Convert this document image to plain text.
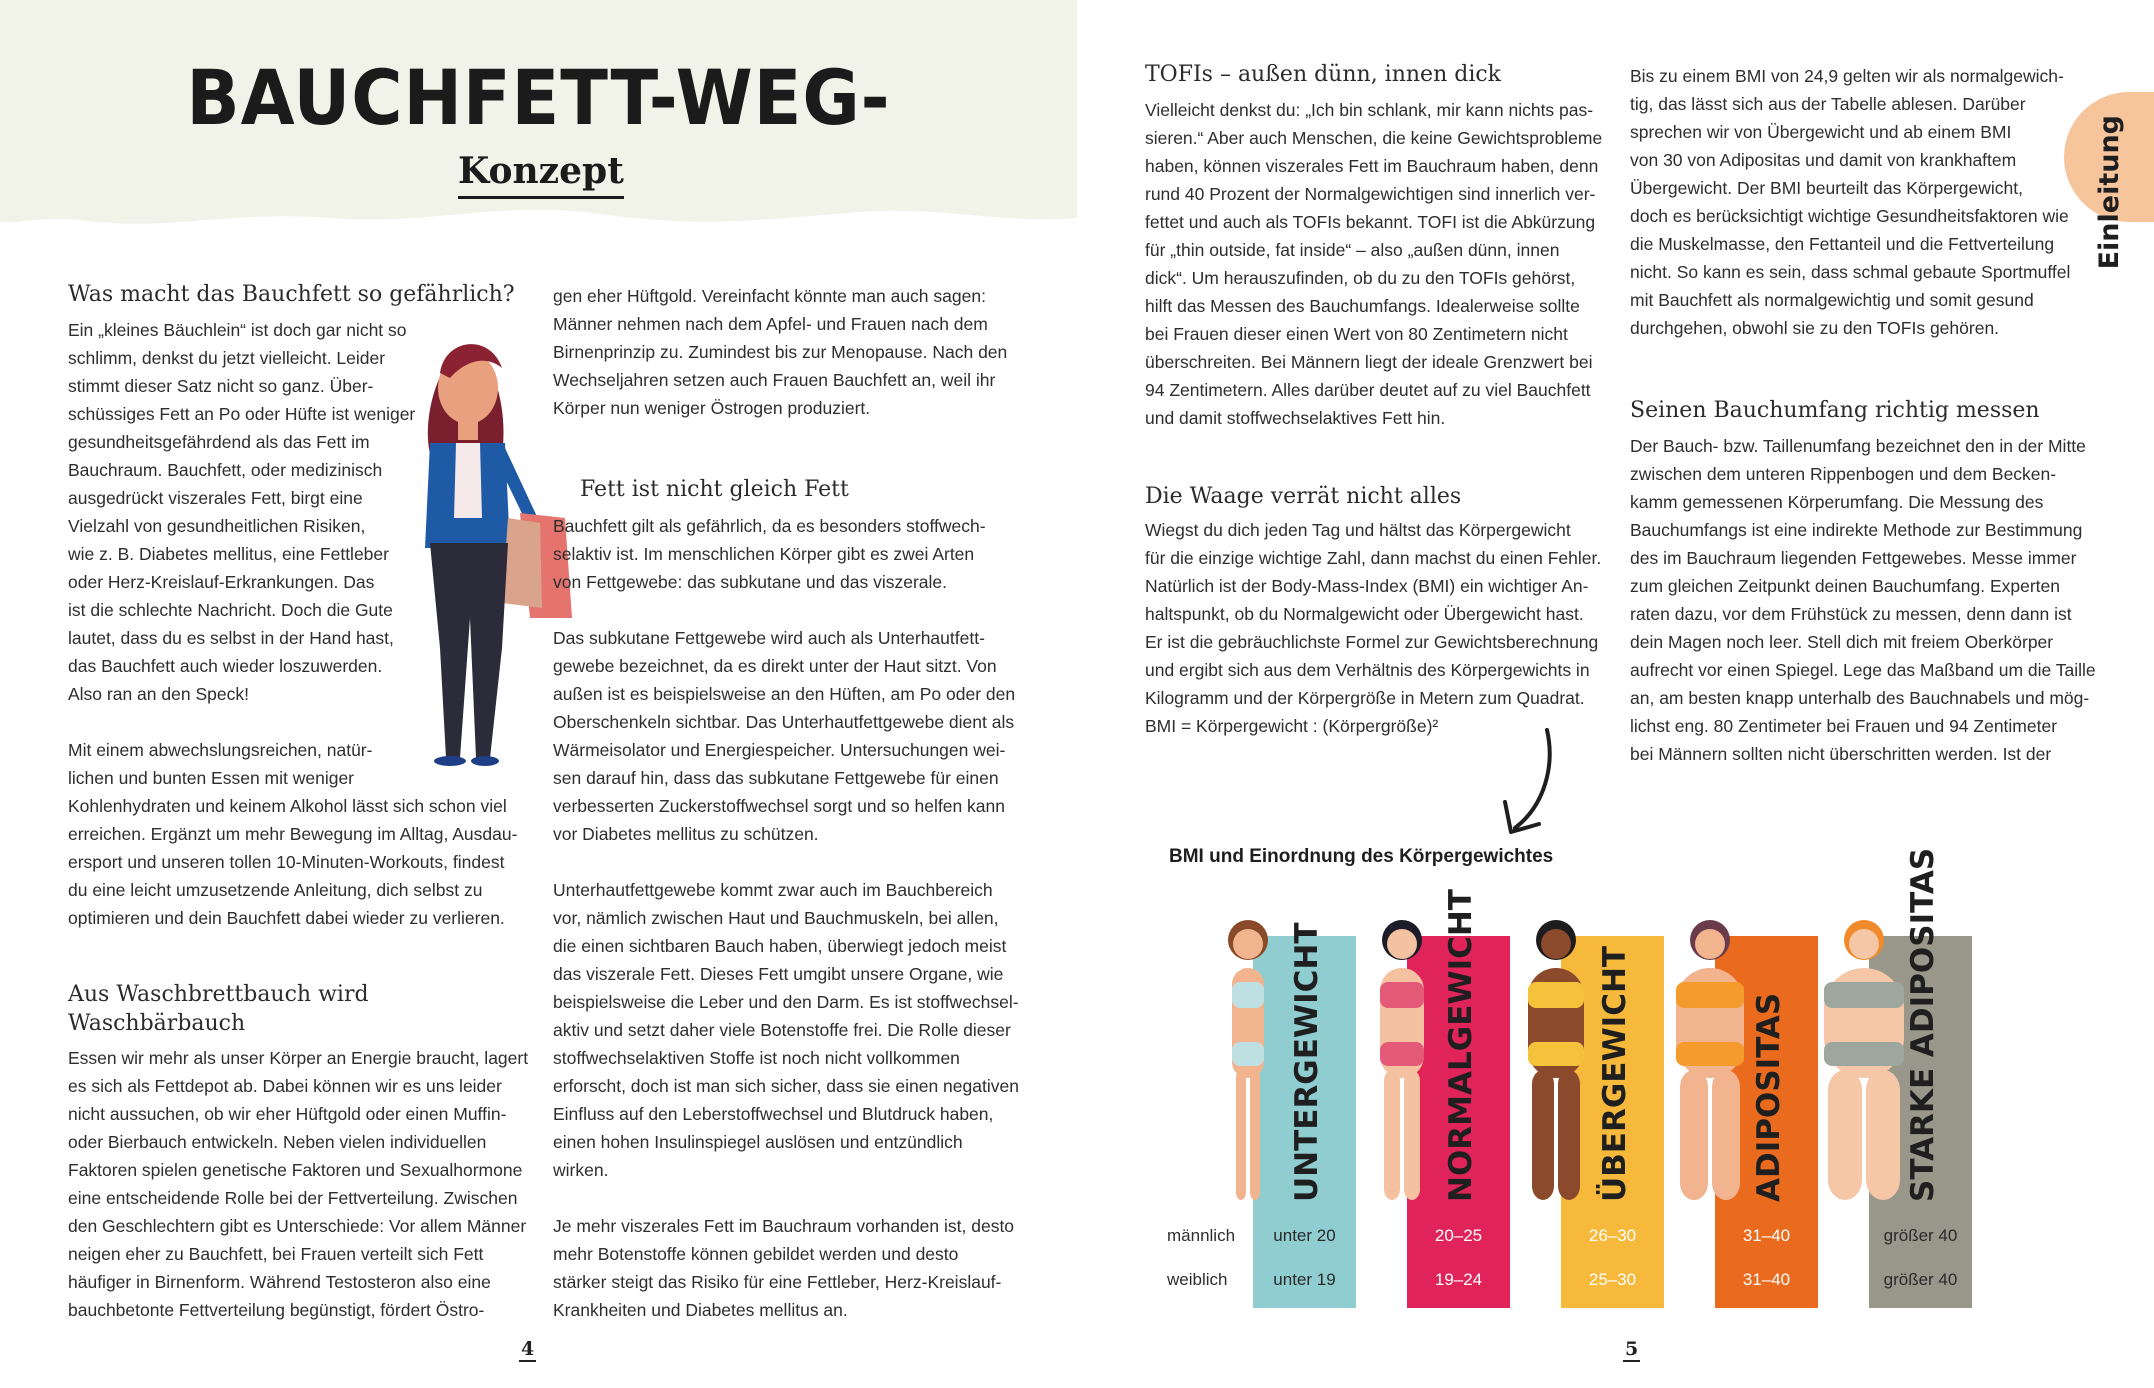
BAUCHFETT-WEG-
Konzept
Was macht das Bauchfett so gefährlich?
Ein „kleines Bäuchlein“ ist doch gar nicht so
schlimm, denkst du jetzt vielleicht. Leider
stimmt dieser Satz nicht so ganz. Über-
schüssiges Fett an Po oder Hüfte ist weniger
gesundheitsgefährdend als das Fett im
Bauchraum. Bauchfett, oder medizinisch
ausgedrückt viszerales Fett, birgt eine
Vielzahl von gesundheitlichen Risiken,
wie z. B. Diabetes mellitus, eine Fettleber
oder Herz-Kreislauf-Erkrankungen. Das
ist die schlechte Nachricht. Doch die Gute
lautet, dass du es selbst in der Hand hast,
das Bauchfett auch wieder loszuwerden.
Also ran an den Speck!
Mit einem abwechslungsreichen, natür-
lichen und bunten Essen mit weniger
Kohlenhydraten und keinem Alkohol lässt sich schon viel
erreichen. Ergänzt um mehr Bewegung im Alltag, Ausdau-
ersport und unseren tollen 10-Minuten-Workouts, findest
du eine leicht umzusetzende Anleitung, dich selbst zu
optimieren und dein Bauchfett dabei wieder zu verlieren.
Aus Waschbrettbauch wird Waschbärbauch
Essen wir mehr als unser Körper an Energie braucht, lagert
es sich als Fettdepot ab. Dabei können wir es uns leider
nicht aussuchen, ob wir eher Hüftgold oder einen Muffin-
oder Bierbauch entwickeln. Neben vielen individuellen
Faktoren spielen genetische Faktoren und Sexualhormone
eine entscheidende Rolle bei der Fettverteilung. Zwischen
den Geschlechtern gibt es Unterschiede: Vor allem Männer
neigen eher zu Bauchfett, bei Frauen verteilt sich Fett
häufiger in Birnenform. Während Testosteron also eine
bauchbetonte Fettverteilung begünstigt, fördert Östro-
gen eher Hüftgold. Vereinfacht könnte man auch sagen:
Männer nehmen nach dem Apfel- und Frauen nach dem
Birnenprinzip zu. Zumindest bis zur Menopause. Nach den
Wechseljahren setzen auch Frauen Bauchfett an, weil ihr
Körper nun weniger Östrogen produziert.
Fett ist nicht gleich Fett
Bauchfett gilt als gefährlich, da es besonders stoffwech-
selaktiv ist. Im menschlichen Körper gibt es zwei Arten
von Fettgewebe: das subkutane und das viszerale.
Das subkutane Fettgewebe wird auch als Unterhautfett-
gewebe bezeichnet, da es direkt unter der Haut sitzt. Von
außen ist es beispielsweise an den Hüften, am Po oder den
Oberschenkeln sichtbar. Das Unterhautfettgewebe dient als
Wärmeisolator und Energiespeicher. Untersuchungen wei-
sen darauf hin, dass das subkutane Fettgewebe für einen
verbesserten Zuckerstoffwechsel sorgt und so helfen kann
vor Diabetes mellitus zu schützen.
Unterhautfettgewebe kommt zwar auch im Bauchbereich
vor, nämlich zwischen Haut und Bauchmuskeln, bei allen,
die einen sichtbaren Bauch haben, überwiegt jedoch meist
das viszerale Fett. Dieses Fett umgibt unsere Organe, wie
beispielsweise die Leber und den Darm. Es ist stoffwechsel-
aktiv und setzt daher viele Botenstoffe frei. Die Rolle dieser
stoffwechselaktiven Stoffe ist noch nicht vollkommen
erforscht, doch ist man sich sicher, dass sie einen negativen
Einfluss auf den Leberstoffwechsel und Blutdruck haben,
einen hohen Insulinspiegel auslösen und entzündlich
wirken.
Je mehr viszerales Fett im Bauchraum vorhanden ist, desto
mehr Botenstoffe können gebildet werden und desto
stärker steigt das Risiko für eine Fettleber, Herz-Kreislauf-
Krankheiten und Diabetes mellitus an.
4
Einleitung
TOFIs – außen dünn, innen dick
Vielleicht denkst du: „Ich bin schlank, mir kann nichts pas-
sieren.“ Aber auch Menschen, die keine Gewichtsprobleme
haben, können viszerales Fett im Bauchraum haben, denn
rund 40 Prozent der Normalgewichtigen sind innerlich ver-
fettet und auch als TOFIs bekannt. TOFI ist die Abkürzung
für „thin outside, fat inside“ – also „außen dünn, innen
dick“. Um herauszufinden, ob du zu den TOFIs gehörst,
hilft das Messen des Bauchumfangs. Idealerweise sollte
bei Frauen dieser einen Wert von 80 Zentimetern nicht
überschreiten. Bei Männern liegt der ideale Grenzwert bei
94 Zentimetern. Alles darüber deutet auf zu viel Bauchfett
und damit stoffwechselaktives Fett hin.
Die Waage verrät nicht alles
Wiegst du dich jeden Tag und hältst das Körpergewicht
für die einzige wichtige Zahl, dann machst du einen Fehler.
Natürlich ist der Body-Mass-Index (BMI) ein wichtiger An-
haltspunkt, ob du Normalgewicht oder Übergewicht hast.
Er ist die gebräuchlichste Formel zur Gewichtsberechnung
und ergibt sich aus dem Verhältnis des Körpergewichts in
Kilogramm und der Körpergröße in Metern zum Quadrat.
BMI = Körpergewicht : (Körpergröße)²
Bis zu einem BMI von 24,9 gelten wir als normalgewich-
tig, das lässt sich aus der Tabelle ablesen. Darüber
sprechen wir von Übergewicht und ab einem BMI
von 30 von Adipositas und damit von krankhaftem
Übergewicht. Der BMI beurteilt das Körpergewicht,
doch es berücksichtigt wichtige Gesundheitsfaktoren wie
die Muskelmasse, den Fettanteil und die Fettverteilung
nicht. So kann es sein, dass schmal gebaute Sportmuffel
mit Bauchfett als normalgewichtig und somit gesund
durchgehen, obwohl sie zu den TOFIs gehören.
Seinen Bauchumfang richtig messen
Der Bauch- bzw. Taillenumfang bezeichnet den in der Mitte
zwischen dem unteren Rippenbogen und dem Becken-
kamm gemessenen Körperumfang. Die Messung des
Bauchumfangs ist eine indirekte Methode zur Bestimmung
des im Bauchraum liegenden Fettgewebes. Messe immer
zum gleichen Zeitpunkt deinen Bauchumfang. Experten
raten dazu, vor dem Frühstück zu messen, denn dann ist
dein Magen noch leer. Stell dich mit freiem Oberkörper
aufrecht vor einen Spiegel. Lege das Maßband um die Taille
an, am besten knapp unterhalb des Bauchnabels und mög-
lichst eng. 80 Zentimeter bei Frauen und 94 Zentimeter
bei Männern sollten nicht überschritten werden. Ist der
BMI und Einordnung des Körpergewichtes
männlich
weiblich
UNTERGEWICHT
unter 20
unter 19
NORMALGEWICHT
20–25
19–24
ÜBERGEWICHT
26–30
25–30
ADIPOSITAS
31–40
31–40
STARKE ADIPOSITAS
größer 40
größer 40
5
